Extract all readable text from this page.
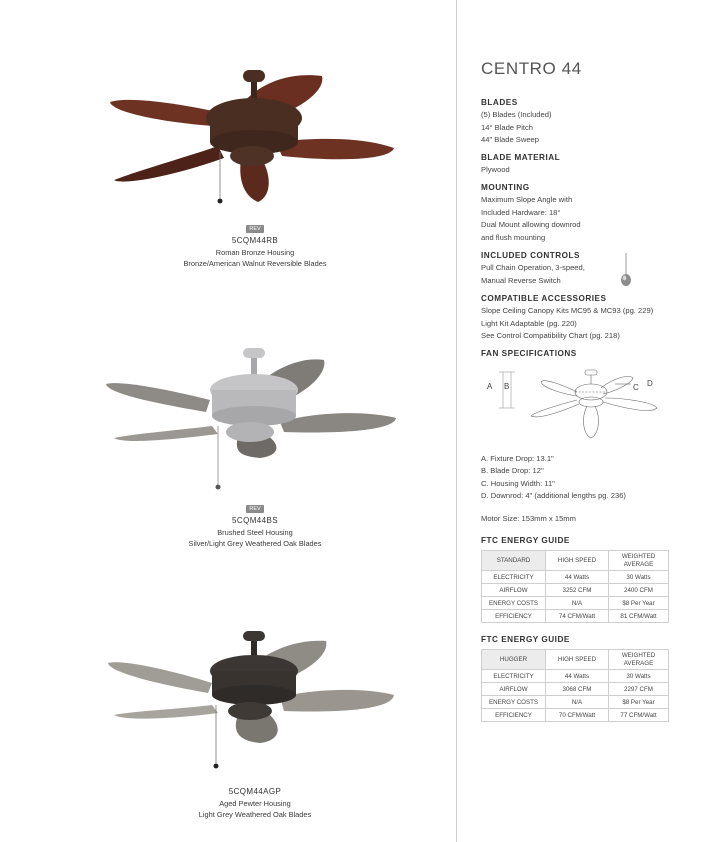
REV
5CQM44RB
Roman Bronze Housing
Bronze/American Walnut Reversible Blades
REV
5CQM44BS
Brushed Steel Housing
Silver/Light Grey Weathered Oak Blades
5CQM44AGP
Aged Pewter Housing
Light Grey Weathered Oak Blades
CENTRO 44
BLADES
(5) Blades (Included)
14° Blade Pitch
44" Blade Sweep
BLADE MATERIAL
Plywood
MOUNTING
Maximum Slope Angle with
Included Hardware: 18°
Dual Mount allowing downrod
and flush mounting
INCLUDED CONTROLS
Pull Chain Operation, 3-speed,
Manual Reverse Switch
COMPATIBLE ACCESSORIES
Slope Ceiling Canopy Kits MC95 & MC93 (pg. 229)
Light Kit Adaptable (pg. 220)
See Control Compatibility Chart (pg. 218)
FAN SPECIFICATIONS
A B	C D
A. Fixture Drop: 13.1"
B. Blade Drop: 12"
C. Housing Width: 11"
D. Downrod: 4" (additional lengths pg. 236)
Motor Size: 153mm x 15mm
FTC ENERGY GUIDE
STANDARD	HIGH SPEED	WEIGHTED AVERAGE
ELECTRICITY	44 Watts	30 Watts
AIRFLOW	3252 CFM	2400 CFM
ENERGY COSTS	N/A	$8 Per Year
EFFICIENCY	74 CFM/Watt	81 CFM/Watt
FTC ENERGY GUIDE
HUGGER	HIGH SPEED	WEIGHTED AVERAGE
ELECTRICITY	44 Watts	30 Watts
AIRFLOW	3068 CFM	2297 CFM
ENERGY COSTS	N/A	$8 Per Year
EFFICIENCY	70 CFM/Watt	77 CFM/Watt
